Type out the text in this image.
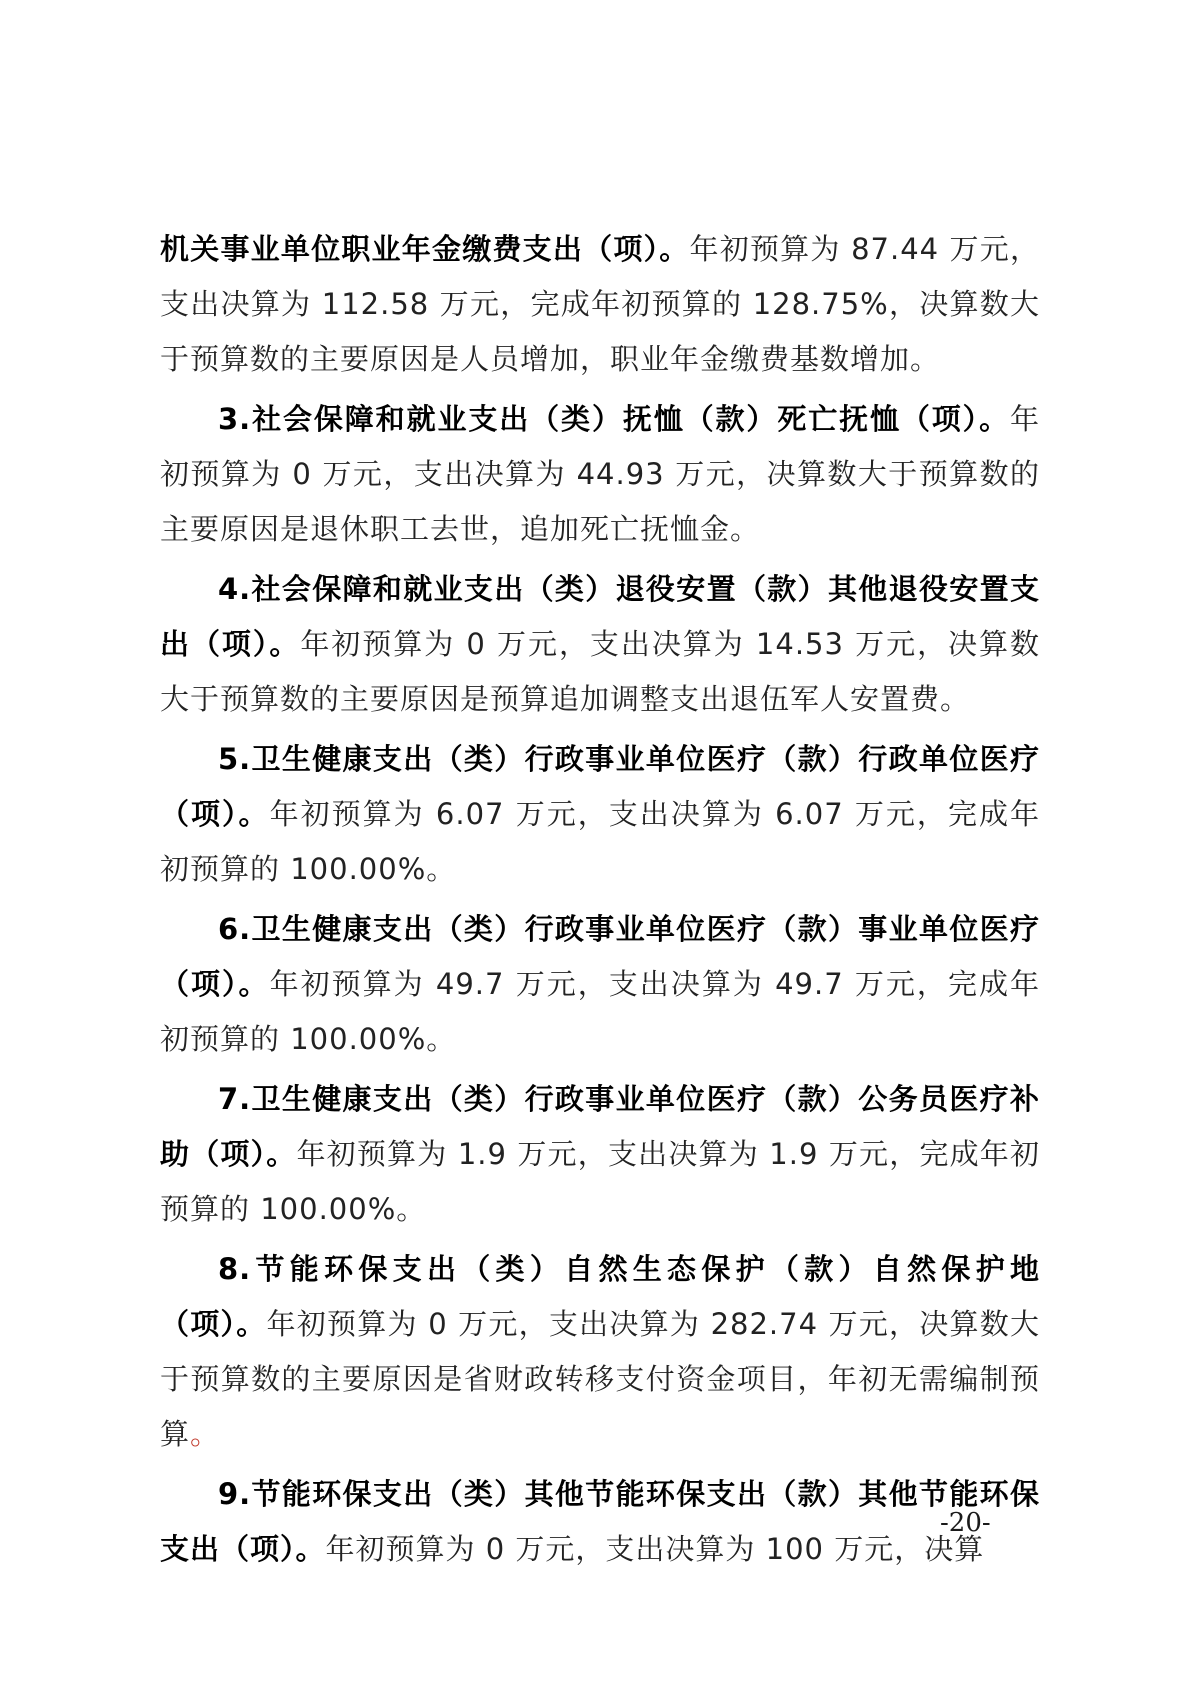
机关事业单位职业年金缴费支出（项）。年初预算为 87.44 万元，支出决算为 112.58 万元，完成年初预算的 128.75%，决算数大于预算数的主要原因是人员增加，职业年金缴费基数增加。

3.社会保障和就业支出（类）抚恤（款）死亡抚恤（项）。年初预算为 0 万元，支出决算为 44.93 万元，决算数大于预算数的主要原因是退休职工去世，追加死亡抚恤金。

4.社会保障和就业支出（类）退役安置（款）其他退役安置支出（项）。年初预算为 0 万元，支出决算为 14.53 万元，决算数大于预算数的主要原因是预算追加调整支出退伍军人安置费。

5.卫生健康支出（类）行政事业单位医疗（款）行政单位医疗（项）。年初预算为 6.07 万元，支出决算为 6.07 万元，完成年初预算的 100.00%。

6.卫生健康支出（类）行政事业单位医疗（款）事业单位医疗（项）。年初预算为 49.7 万元，支出决算为 49.7 万元，完成年初预算的 100.00%。

7.卫生健康支出（类）行政事业单位医疗（款）公务员医疗补助（项）。年初预算为 1.9 万元，支出决算为 1.9 万元，完成年初预算的 100.00%。

8.节能环保支出（类）自然生态保护（款）自然保护地（项）。年初预算为 0 万元，支出决算为 282.74 万元，决算数大于预算数的主要原因是省财政转移支付资金项目，年初无需编制预算。

9.节能环保支出（类）其他节能环保支出（款）其他节能环保支出（项）。年初预算为 0 万元，支出决算为 100 万元，决算

-20-
